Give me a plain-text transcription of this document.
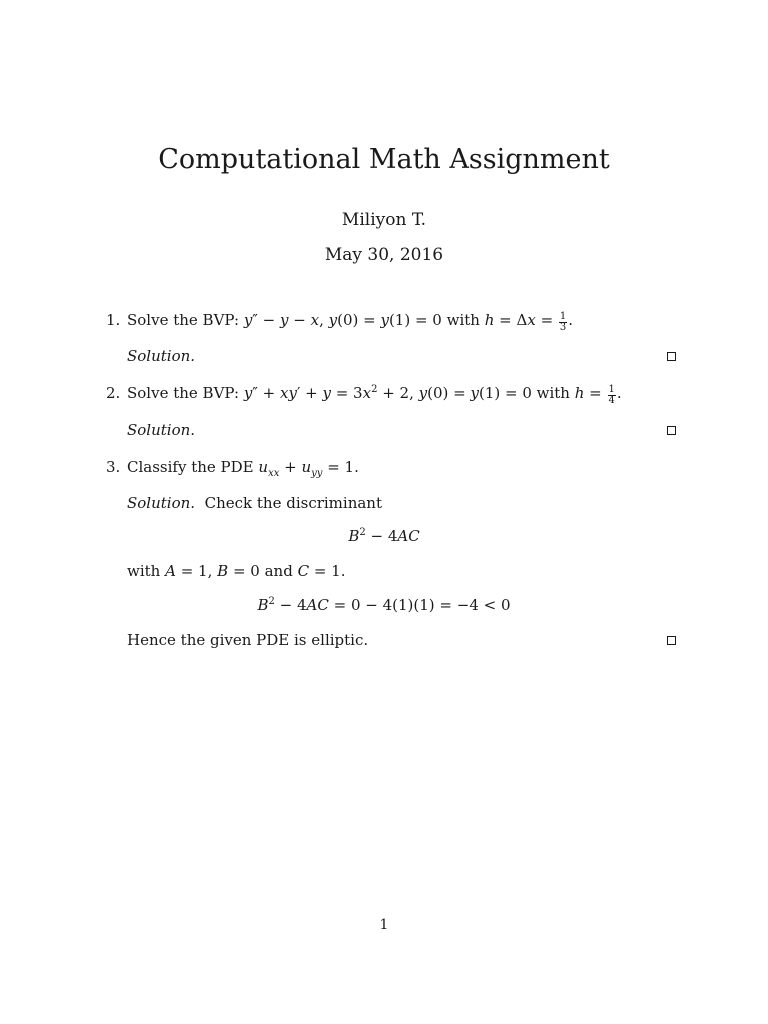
Computational Math Assignment
Miliyon T.
May 30, 2016
1. Solve the BVP: y″ − y − x, y(0) = y(1) = 0 with $h = \Delta x = \frac{1}{3}$ .
Solution.
2. Solve the BVP: $y'' + xy' + y = 3x^2 + 2$, y(0) = y(1) = 0 with $h = \frac{1}{4}$ .
Solution.
3. Classify the PDE $u_{xx} + u_{yy} = 1$.
Solution. Check the discriminant
$B^2 - 4AC$
with A = 1, B = 0 and C = 1.
$B^2 - 4AC = 0 - 4(1)(1) = -4 < 0$
Hence the given PDE is elliptic.
1
